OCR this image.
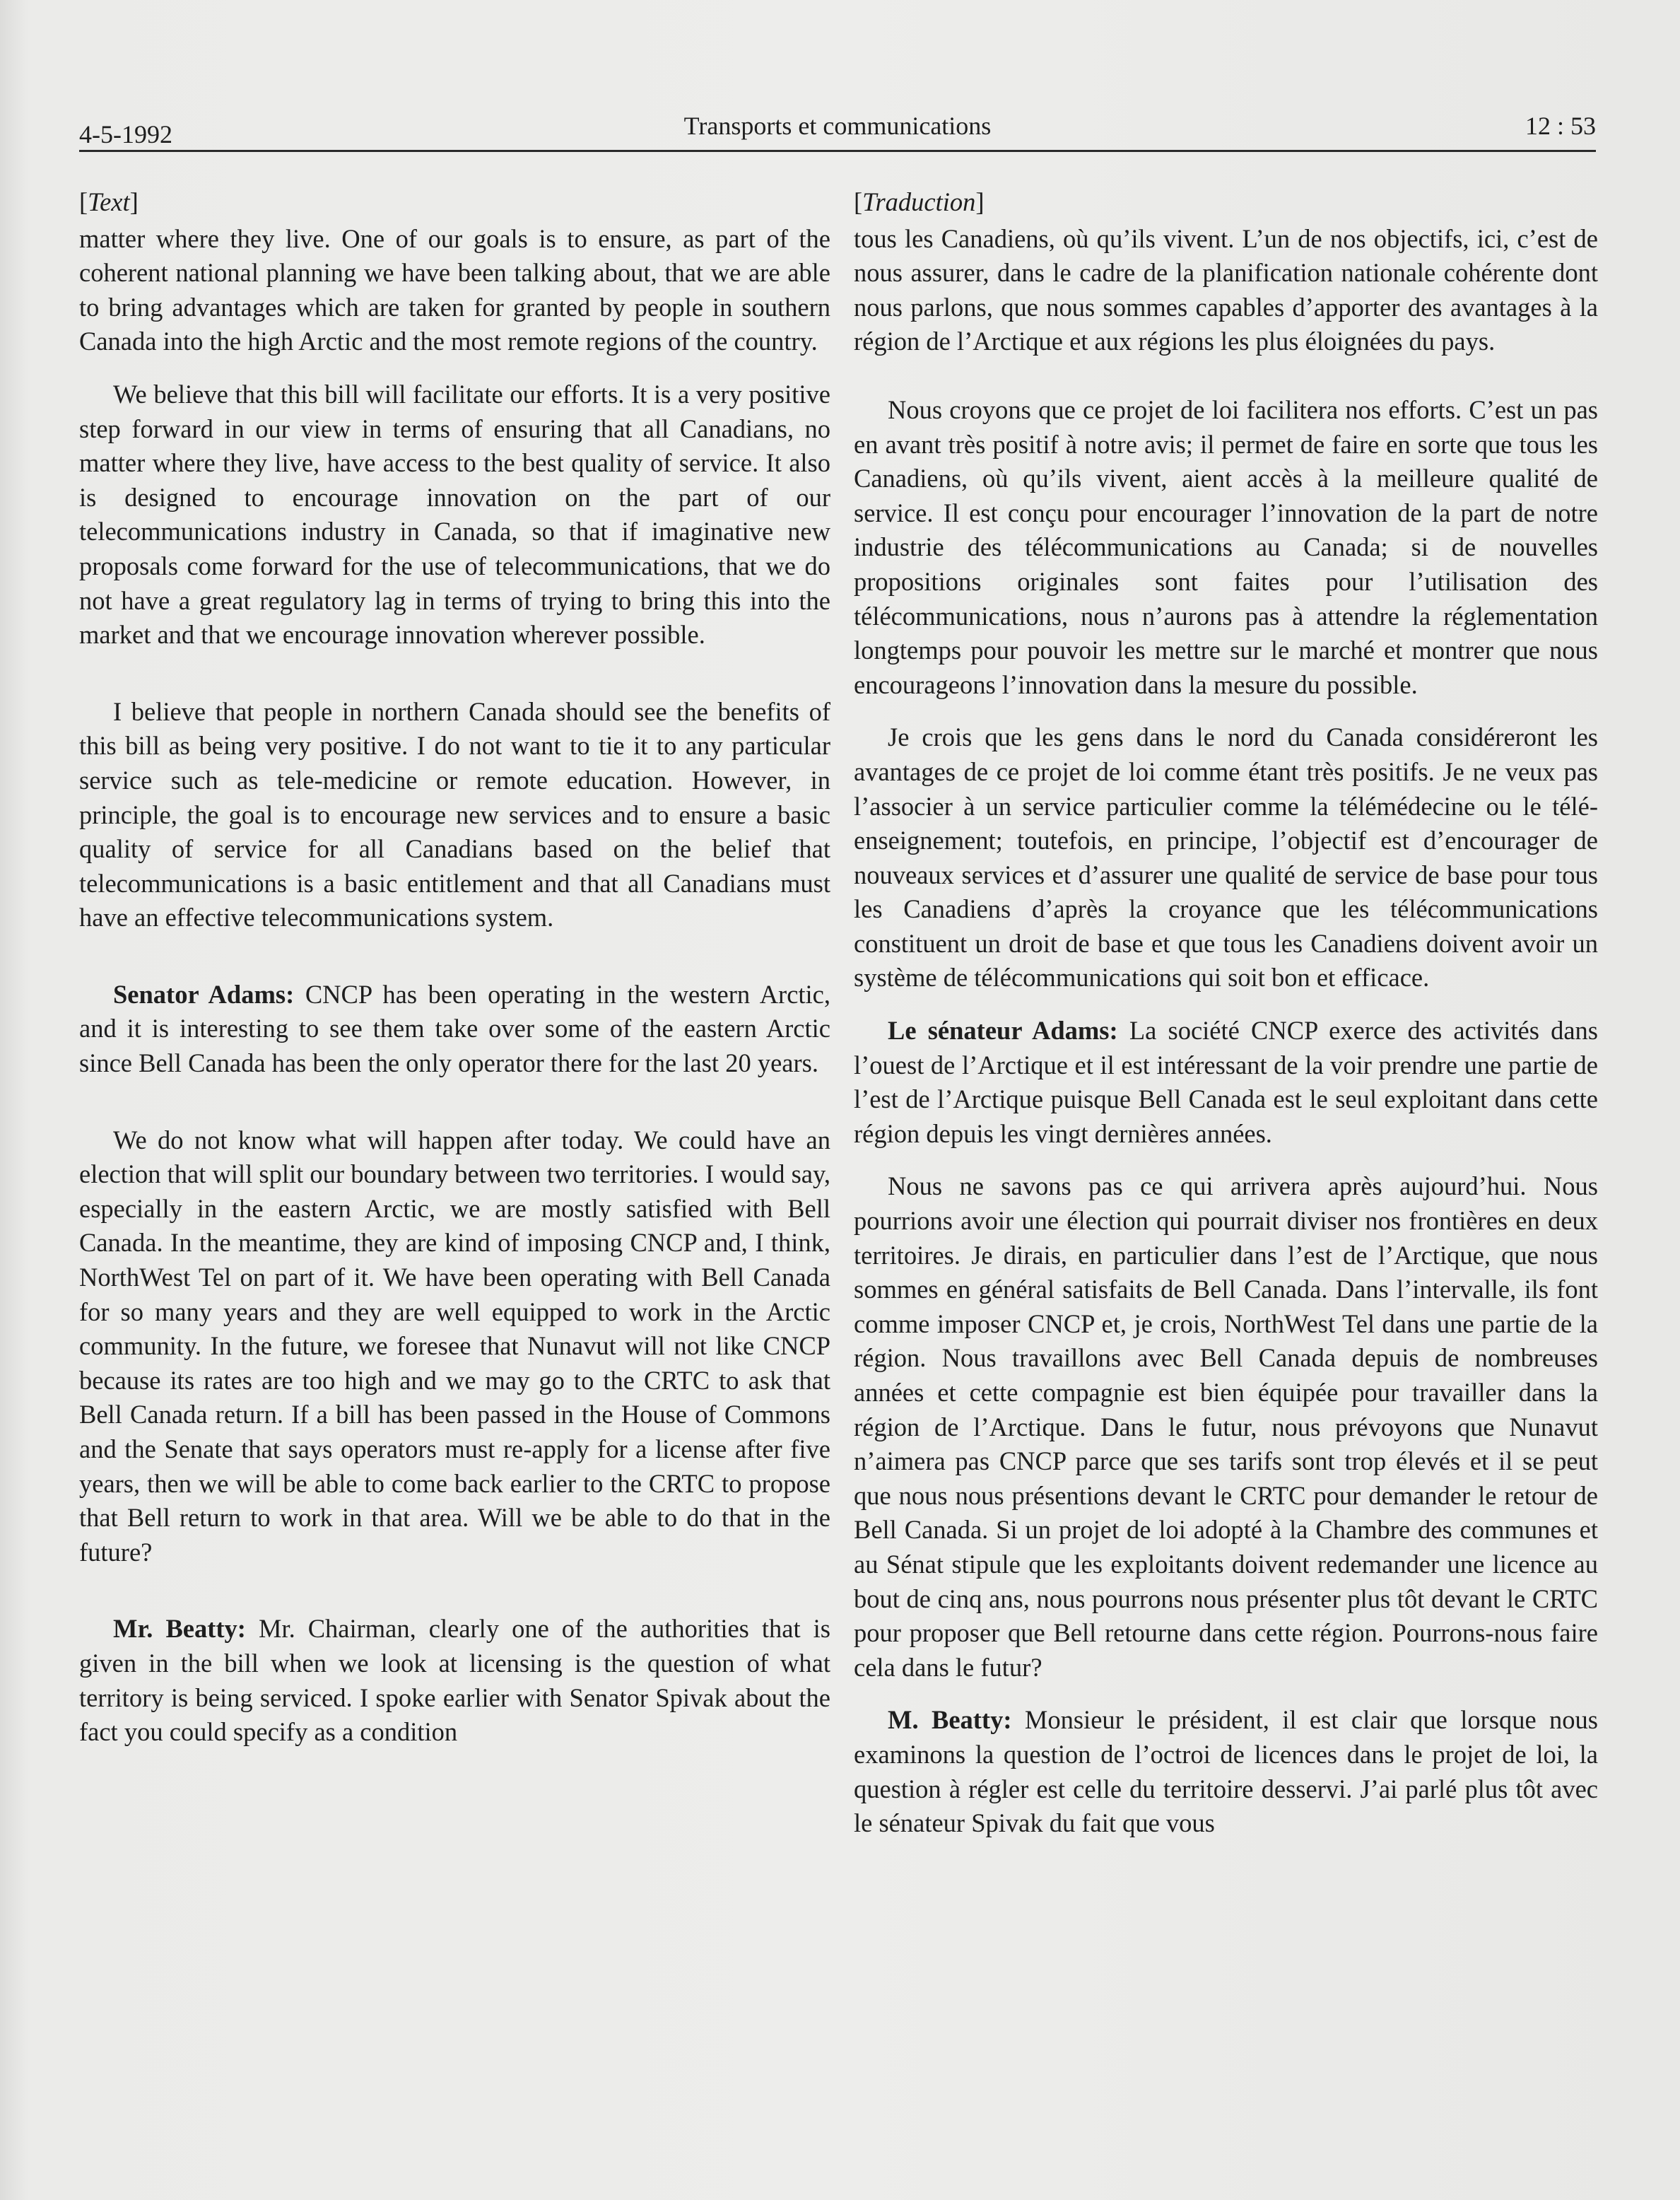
4-5-1992	Transports et communications	12 : 53
[Text]

matter where they live. One of our goals is to ensure, as part of the coherent national planning we have been talking about, that we are able to bring advantages which are taken for granted by people in southern Canada into the high Arctic and the most remote regions of the country.

We believe that this bill will facilitate our efforts. It is a very positive step forward in our view in terms of ensuring that all Canadians, no matter where they live, have access to the best quality of service. It also is designed to encourage innovation on the part of our telecommunications industry in Canada, so that if imaginative new proposals come forward for the use of telecommunications, that we do not have a great regulatory lag in terms of trying to bring this into the market and that we encourage innovation wherever possible.

I believe that people in northern Canada should see the benefits of this bill as being very positive. I do not want to tie it to any particular service such as tele-medicine or remote education. However, in principle, the goal is to encourage new services and to ensure a basic quality of service for all Canadians based on the belief that telecommunications is a basic entitlement and that all Canadians must have an effective telecommunications system.

Senator Adams: CNCP has been operating in the western Arctic, and it is interesting to see them take over some of the eastern Arctic since Bell Canada has been the only operator there for the last 20 years.

We do not know what will happen after today. We could have an election that will split our boundary between two territories. I would say, especially in the eastern Arctic, we are mostly satisfied with Bell Canada. In the meantime, they are kind of imposing CNCP and, I think, NorthWest Tel on part of it. We have been operating with Bell Canada for so many years and they are well equipped to work in the Arctic community. In the future, we foresee that Nunavut will not like CNCP because its rates are too high and we may go to the CRTC to ask that Bell Canada return. If a bill has been passed in the House of Commons and the Senate that says operators must re-apply for a license after five years, then we will be able to come back earlier to the CRTC to propose that Bell return to work in that area. Will we be able to do that in the future?

Mr. Beatty: Mr. Chairman, clearly one of the authorities that is given in the bill when we look at licensing is the question of what territory is being serviced. I spoke earlier with Senator Spivak about the fact you could specify as a condition

[Traduction]

tous les Canadiens, où qu’ils vivent. L’un de nos objectifs, ici, c’est de nous assurer, dans le cadre de la planification nationale cohérente dont nous parlons, que nous sommes capables d’apporter des avantages à la région de l’Arctique et aux régions les plus éloignées du pays.

Nous croyons que ce projet de loi facilitera nos efforts. C’est un pas en avant très positif à notre avis; il permet de faire en sorte que tous les Canadiens, où qu’ils vivent, aient accès à la meilleure qualité de service. Il est conçu pour encourager l’innovation de la part de notre industrie des télécommunications au Canada; si de nouvelles propositions originales sont faites pour l’utilisation des télécommunications, nous n’aurons pas à attendre la réglementation longtemps pour pouvoir les mettre sur le marché et montrer que nous encourageons l’innovation dans la mesure du possible.

Je crois que les gens dans le nord du Canada considéreront les avantages de ce projet de loi comme étant très positifs. Je ne veux pas l’associer à un service particulier comme la télémédecine ou le télé-enseignement; toutefois, en principe, l’objectif est d’encourager de nouveaux services et d’assurer une qualité de service de base pour tous les Canadiens d’après la croyance que les télécommunications constituent un droit de base et que tous les Canadiens doivent avoir un système de télécommunications qui soit bon et efficace.

Le sénateur Adams: La société CNCP exerce des activités dans l’ouest de l’Arctique et il est intéressant de la voir prendre une partie de l’est de l’Arctique puisque Bell Canada est le seul exploitant dans cette région depuis les vingt dernières années.

Nous ne savons pas ce qui arrivera après aujourd’hui. Nous pourrions avoir une élection qui pourrait diviser nos frontières en deux territoires. Je dirais, en particulier dans l’est de l’Arctique, que nous sommes en général satisfaits de Bell Canada. Dans l’intervalle, ils font comme imposer CNCP et, je crois, NorthWest Tel dans une partie de la région. Nous travaillons avec Bell Canada depuis de nombreuses années et cette compagnie est bien équipée pour travailler dans la région de l’Arctique. Dans le futur, nous prévoyons que Nunavut n’aimera pas CNCP parce que ses tarifs sont trop élevés et il se peut que nous nous présentions devant le CRTC pour demander le retour de Bell Canada. Si un projet de loi adopté à la Chambre des communes et au Sénat stipule que les exploitants doivent redemander une licence au bout de cinq ans, nous pourrons nous présenter plus tôt devant le CRTC pour proposer que Bell retourne dans cette région. Pourrons-nous faire cela dans le futur?

M. Beatty: Monsieur le président, il est clair que lorsque nous examinons la question de l’octroi de licences dans le projet de loi, la question à régler est celle du territoire desservi. J’ai parlé plus tôt avec le sénateur Spivak du fait que vous
